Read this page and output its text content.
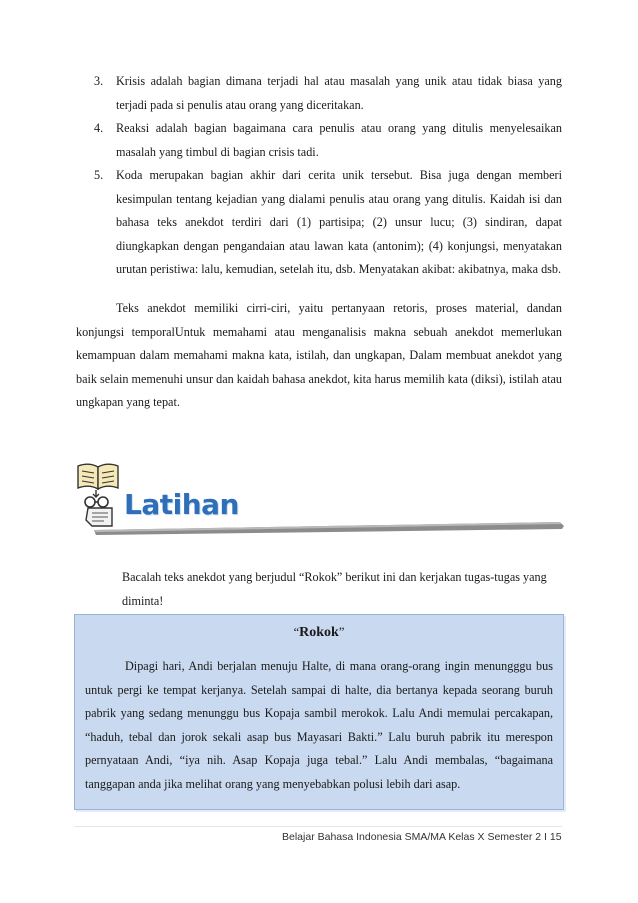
3. Krisis adalah bagian dimana terjadi hal atau masalah yang unik atau tidak biasa yang terjadi pada si penulis atau orang yang diceritakan.
4. Reaksi adalah bagian bagaimana cara penulis atau orang yang ditulis menyelesaikan masalah yang timbul di bagian crisis tadi.
5. Koda merupakan bagian akhir dari cerita unik tersebut. Bisa juga dengan memberi kesimpulan tentang kejadian yang dialami penulis atau orang yang ditulis. Kaidah isi dan bahasa teks anekdot terdiri dari (1) partisipa; (2) unsur lucu; (3) sindiran, dapat diungkapkan dengan pengandaian atau lawan kata (antonim); (4) konjungsi, menyatakan urutan peristiwa: lalu, kemudian, setelah itu, dsb. Menyatakan akibat: akibatnya, maka dsb.
Teks anekdot memiliki cirri-ciri, yaitu pertanyaan retoris, proses material, dandan konjungsi temporalUntuk memahami atau menganalisis makna sebuah anekdot memerlukan kemampuan dalam memahami makna kata, istilah, dan ungkapan, Dalam membuat anekdot yang baik selain memenuhi unsur dan kaidah bahasa anekdot, kita harus memilih kata (diksi), istilah atau ungkapan yang tepat.
Latihan
Bacalah teks anekdot yang berjudul “Rokok” berikut ini dan kerjakan tugas-tugas yang diminta!
“Rokok”
Dipagi hari, Andi berjalan menuju Halte, di mana orang-orang ingin menungggu bus untuk pergi ke tempat kerjanya. Setelah sampai di halte, dia bertanya kepada seorang buruh pabrik yang sedang menunggu bus Kopaja sambil merokok. Lalu Andi memulai percakapan, “haduh, tebal dan jorok sekali asap bus Mayasari Bakti.” Lalu buruh pabrik itu merespon pernyataan Andi, “iya nih. Asap Kopaja juga tebal.” Lalu Andi membalas, “bagaimana tanggapan anda jika melihat orang yang menyebabkan polusi lebih dari asap.
Belajar Bahasa Indonesia SMA/MA Kelas X Semester 2 I 15
